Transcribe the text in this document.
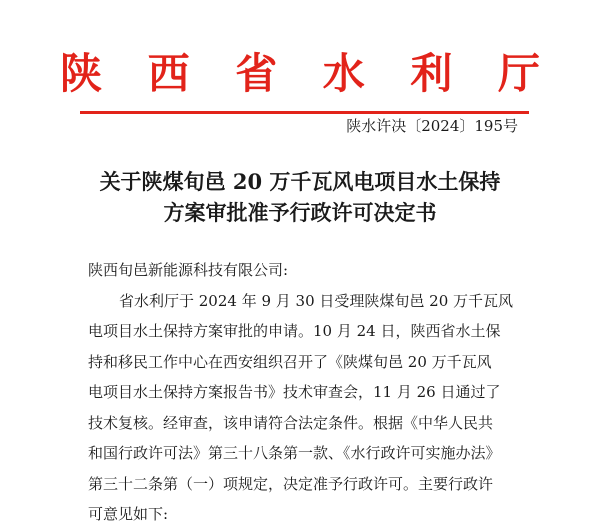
陕 西 省 水 利 厅
陕水许决〔2024〕195号
关于陕煤旬邑 20 万千瓦风电项目水土保持
方案审批准予行政许可决定书

陕西旬邑新能源科技有限公司:

省水利厅于 2024 年 9 月 30 日受理陕煤旬邑 20 万千瓦风

电项目水土保持方案审批的申请。10 月 24 日，陕西省水土保

持和移民工作中心在西安组织召开了《陕煤旬邑 20 万千瓦风

电项目水土保持方案报告书》技术审查会，11 月 26 日通过了

技术复核。经审查，该申请符合法定条件。根据《中华人民共

和国行政许可法》第三十八条第一款、《水行政许可实施办法》

第三十二条第（一）项规定，决定准予行政许可。主要行政许

可意见如下:
